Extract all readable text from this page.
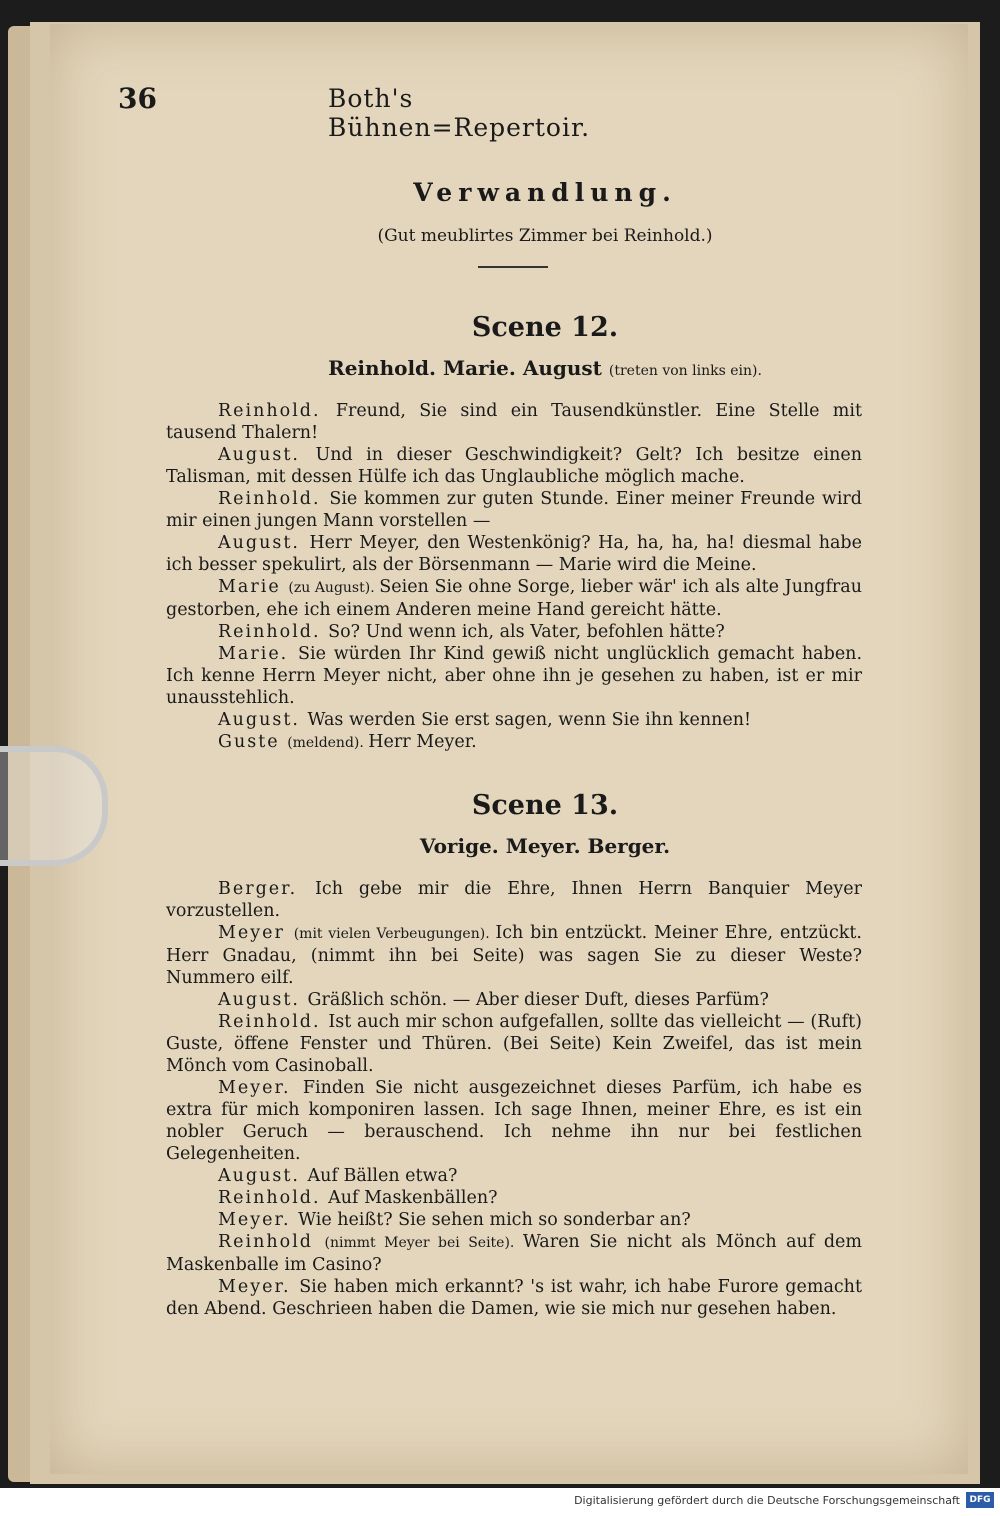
36	Both's Bühnen=Repertoir.
Verwandlung.
(Gut meublirtes Zimmer bei Reinhold.)
Scene 12.
Reinhold. Marie. August (treten von links ein).

Reinhold. Freund, Sie sind ein Tausendkünstler. Eine Stelle mit tausend Thalern!

August. Und in dieser Geschwindigkeit? Gelt? Ich besitze einen Talisman, mit dessen Hülfe ich das Unglaubliche möglich mache.

Reinhold. Sie kommen zur guten Stunde. Einer meiner Freunde wird mir einen jungen Mann vorstellen —

August. Herr Meyer, den Westenkönig? Ha, ha, ha, ha! diesmal habe ich besser spekulirt, als der Börsenmann — Marie wird die Meine.

Marie (zu August). Seien Sie ohne Sorge, lieber wär' ich als alte Jungfrau gestorben, ehe ich einem Anderen meine Hand gereicht hätte.

Reinhold. So? Und wenn ich, als Vater, befohlen hätte?

Marie. Sie würden Ihr Kind gewiß nicht unglücklich gemacht haben. Ich kenne Herrn Meyer nicht, aber ohne ihn je gesehen zu haben, ist er mir unausstehlich.

August. Was werden Sie erst sagen, wenn Sie ihn kennen!

Guste (meldend). Herr Meyer.

Scene 13.
Vorige. Meyer. Berger.

Berger. Ich gebe mir die Ehre, Ihnen Herrn Banquier Meyer vorzustellen.

Meyer (mit vielen Verbeugungen). Ich bin entzückt. Meiner Ehre, entzückt. Herr Gnadau, (nimmt ihn bei Seite) was sagen Sie zu dieser Weste? Nummero eilf.

August. Gräßlich schön. — Aber dieser Duft, dieses Parfüm?

Reinhold. Ist auch mir schon aufgefallen, sollte das vielleicht — (Ruft) Guste, öffene Fenster und Thüren. (Bei Seite) Kein Zweifel, das ist mein Mönch vom Casinoball.

Meyer. Finden Sie nicht ausgezeichnet dieses Parfüm, ich habe es extra für mich komponiren lassen. Ich sage Ihnen, meiner Ehre, es ist ein nobler Geruch — berauschend. Ich nehme ihn nur bei festlichen Gelegenheiten.

August. Auf Bällen etwa?

Reinhold. Auf Maskenbällen?

Meyer. Wie heißt? Sie sehen mich so sonderbar an?

Reinhold (nimmt Meyer bei Seite). Waren Sie nicht als Mönch auf dem Maskenballe im Casino?

Meyer. Sie haben mich erkannt? 's ist wahr, ich habe Furore gemacht den Abend. Geschrieen haben die Damen, wie sie mich nur gesehen haben.

Digitalisierung gefördert durch die Deutsche Forschungsgemeinschaft	DFG
